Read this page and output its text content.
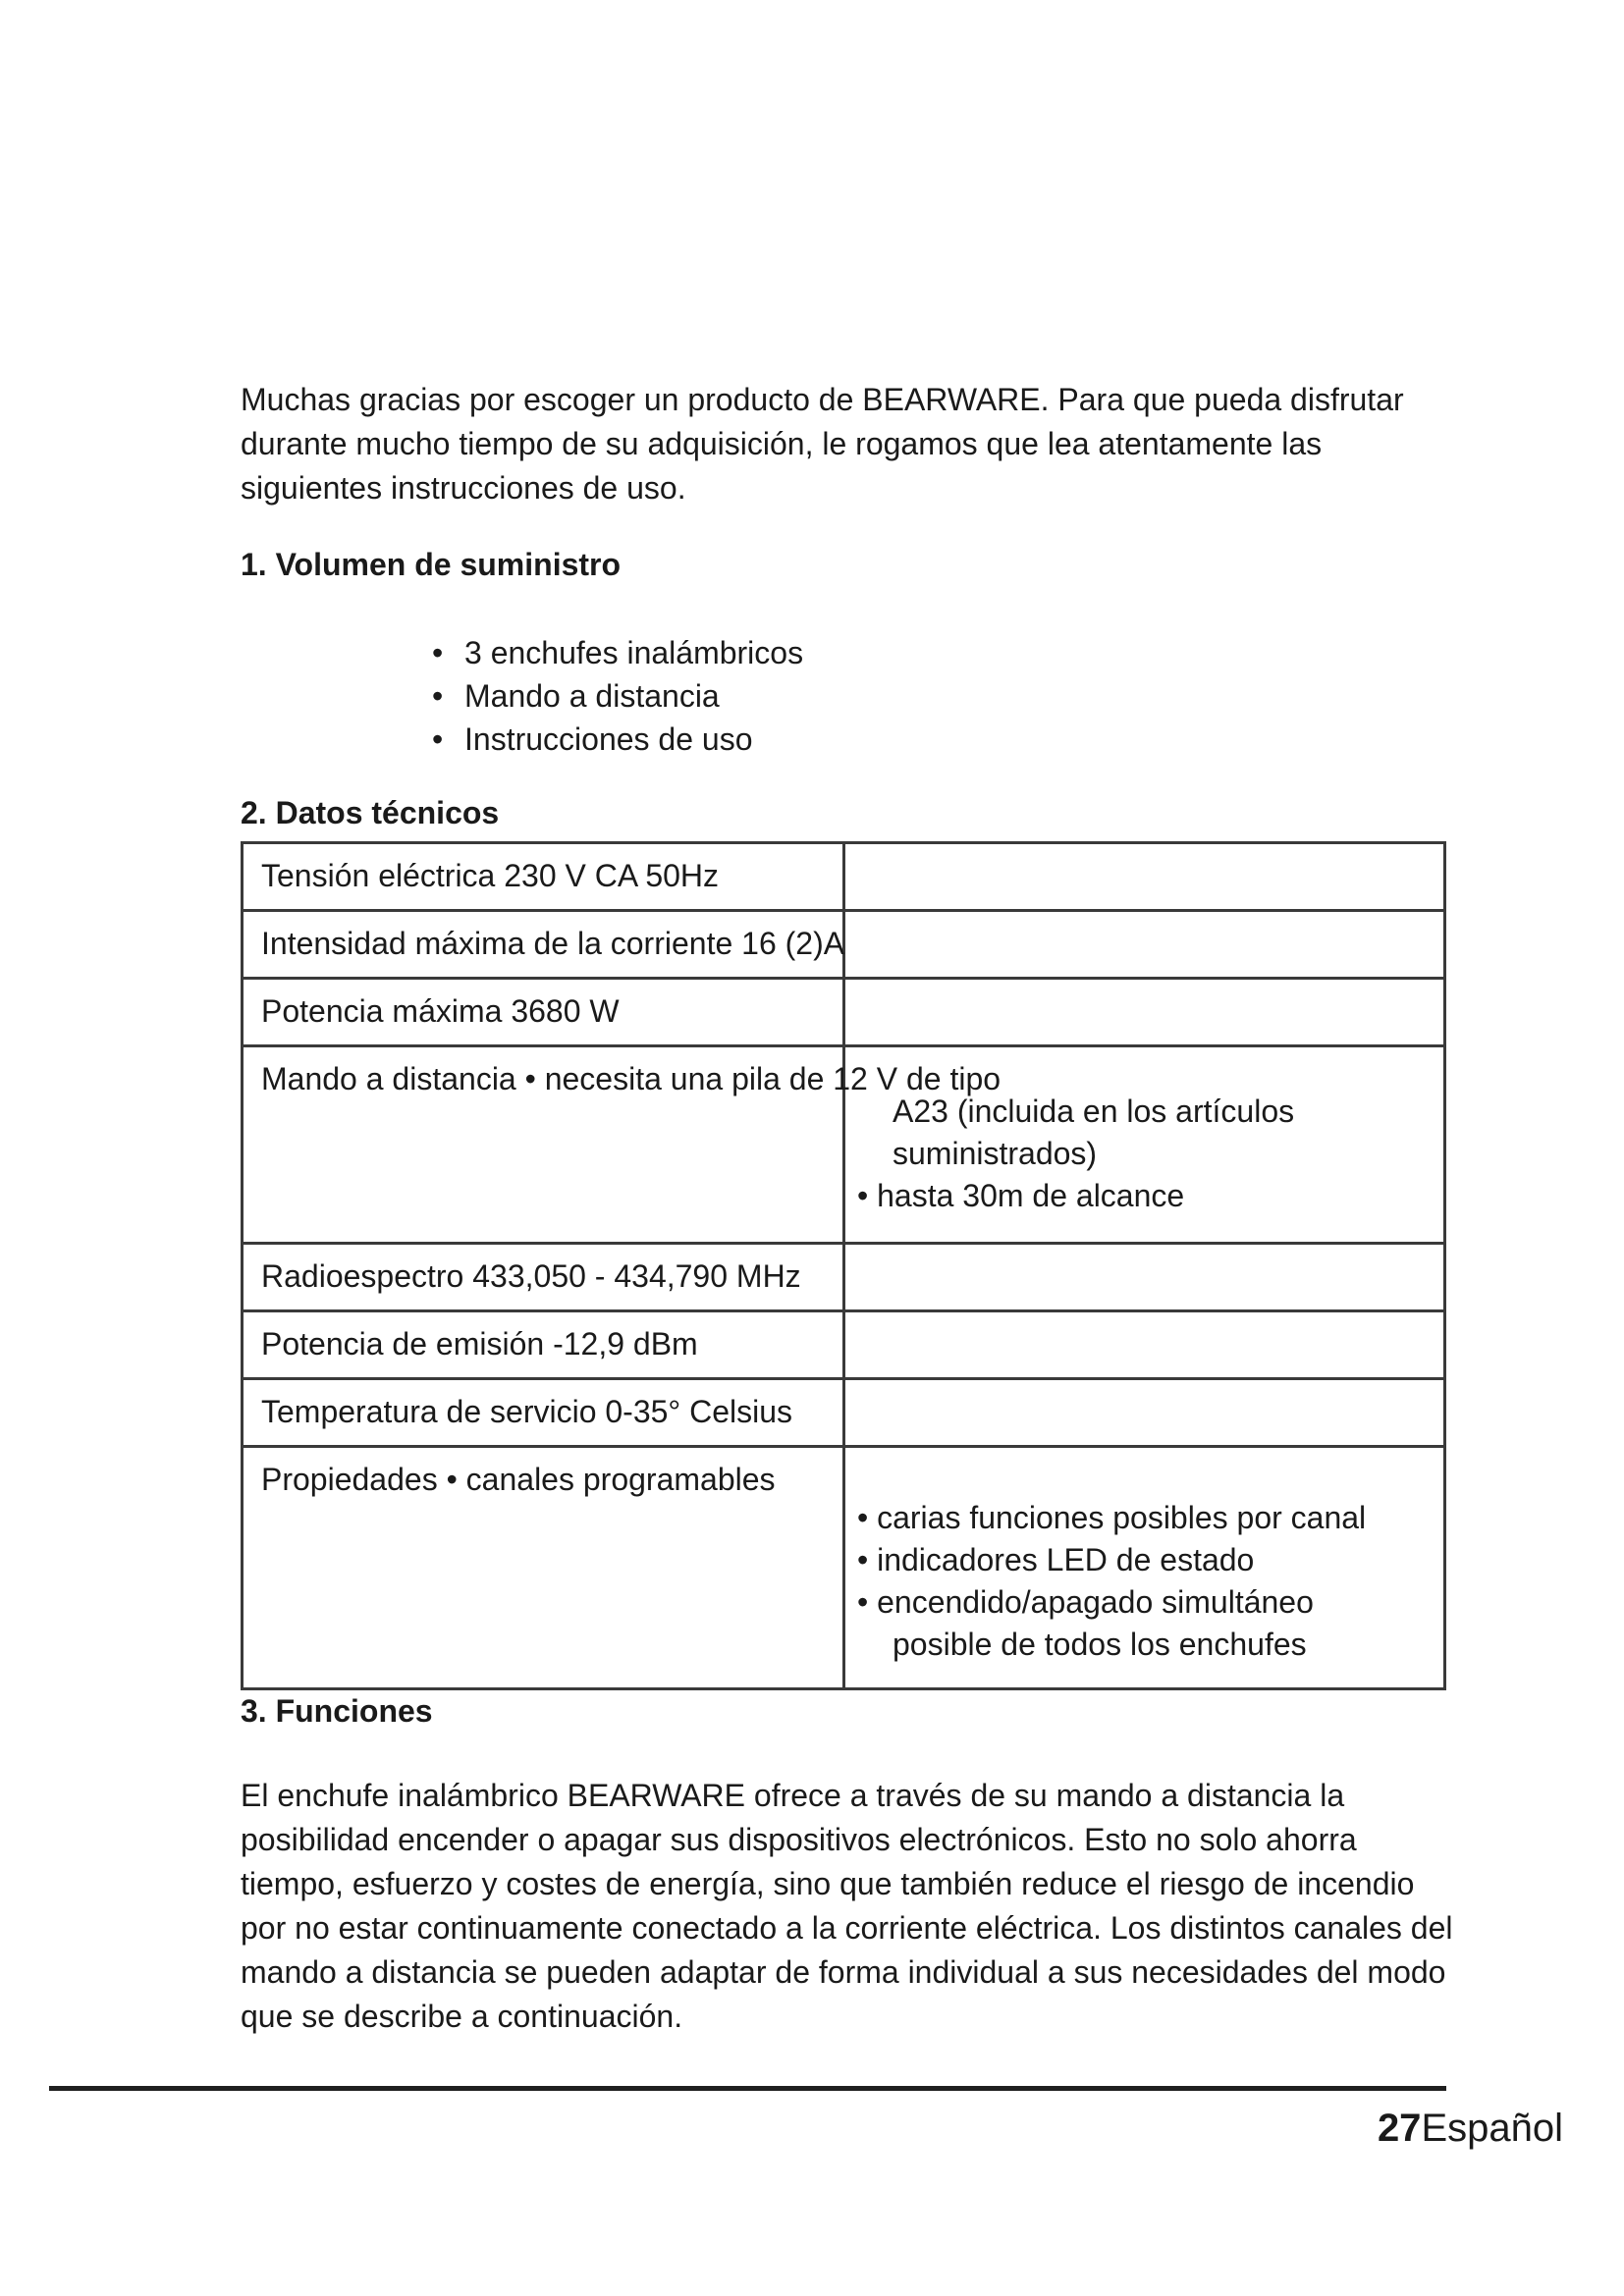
Muchas gracias por escoger un producto de BEARWARE. Para que pueda disfrutar durante mucho tiempo de su adquisición, le rogamos que lea atentamente las siguientes instrucciones de uso.

1. Volumen de suministro
• 3 enchufes inalámbricos
• Mando a distancia
• Instrucciones de uso
2. Datos técnicos
Tensión eléctrica 230 V CA 50Hz	

Intensidad máxima de la corriente 16 (2)A	

Potencia máxima 3680 W	

Mando a distancia • necesita una pila de 12 V de tipo	A23 (incluida en los artículos suministrados)
• hasta 30m de alcance

Radioespectro 433,050 - 434,790 MHz	

Potencia de emisión -12,9 dBm	

Temperatura de servicio 0-35° Celsius	

Propiedades • canales programables	• carias funciones posibles por canal
• indicadores LED de estado
• encendido/apagado simultáneo
posible de todos los enchufes
3. Funciones

El enchufe inalámbrico BEARWARE ofrece a través de su mando a distancia la posibilidad encender o apagar sus dispositivos electrónicos. Esto no solo ahorra tiempo, esfuerzo y costes de energía, sino que también reduce el riesgo de incendio por no estar continuamente conectado a la corriente eléctrica. Los distintos canales del mando a distancia se pueden adaptar de forma individual a sus necesidades del modo que se describe a continuación.

27Español
